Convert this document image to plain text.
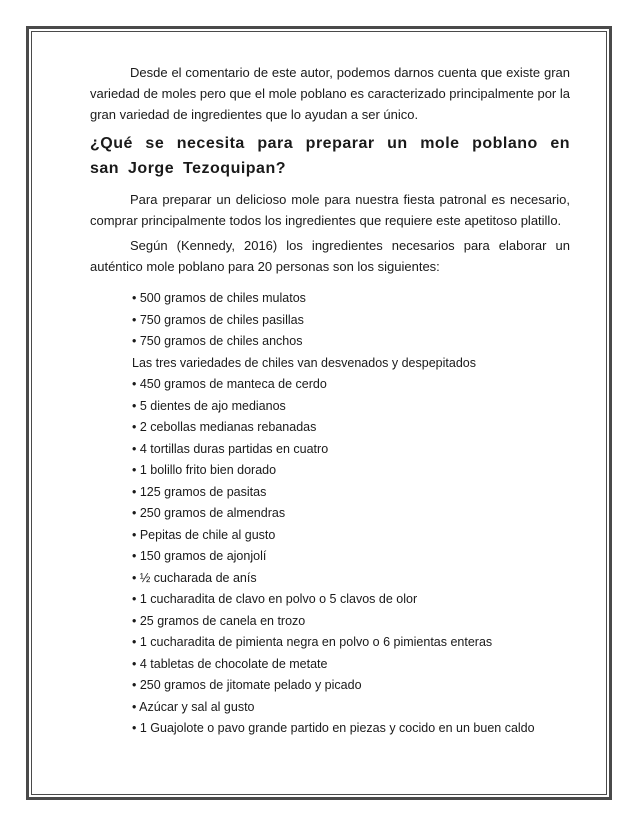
Desde el comentario de este autor, podemos darnos cuenta que existe gran variedad de moles pero que el mole poblano es caracterizado principalmente por la gran variedad de ingredientes que lo ayudan a ser único.

¿Qué se necesita para preparar un mole poblano en san Jorge Tezoquipan?

Para preparar un delicioso mole para nuestra fiesta patronal es necesario, comprar principalmente todos los ingredientes que requiere este apetitoso platillo.

Según (Kennedy, 2016) los ingredientes necesarios para elaborar un auténtico mole poblano para 20 personas son los siguientes:

• 500 gramos de chiles mulatos
• 750 gramos de chiles pasillas
• 750 gramos de chiles anchos
Las tres variedades de chiles van desvenados y despepitados
• 450 gramos de manteca de cerdo
• 5 dientes de ajo medianos
• 2 cebollas medianas rebanadas
• 4 tortillas duras partidas en cuatro
• 1 bolillo frito bien dorado
• 125 gramos de pasitas
• 250 gramos de almendras
• Pepitas de chile al gusto
• 150 gramos de ajonjolí
• ½ cucharada de anís
• 1 cucharadita de clavo en polvo o 5 clavos de olor
• 25 gramos de canela en trozo
• 1 cucharadita de pimienta negra en polvo o 6 pimientas enteras
• 4 tabletas de chocolate de metate
• 250 gramos de jitomate pelado y picado
• Azúcar y sal al gusto
• 1 Guajolote o pavo grande partido en piezas y cocido en un buen caldo
